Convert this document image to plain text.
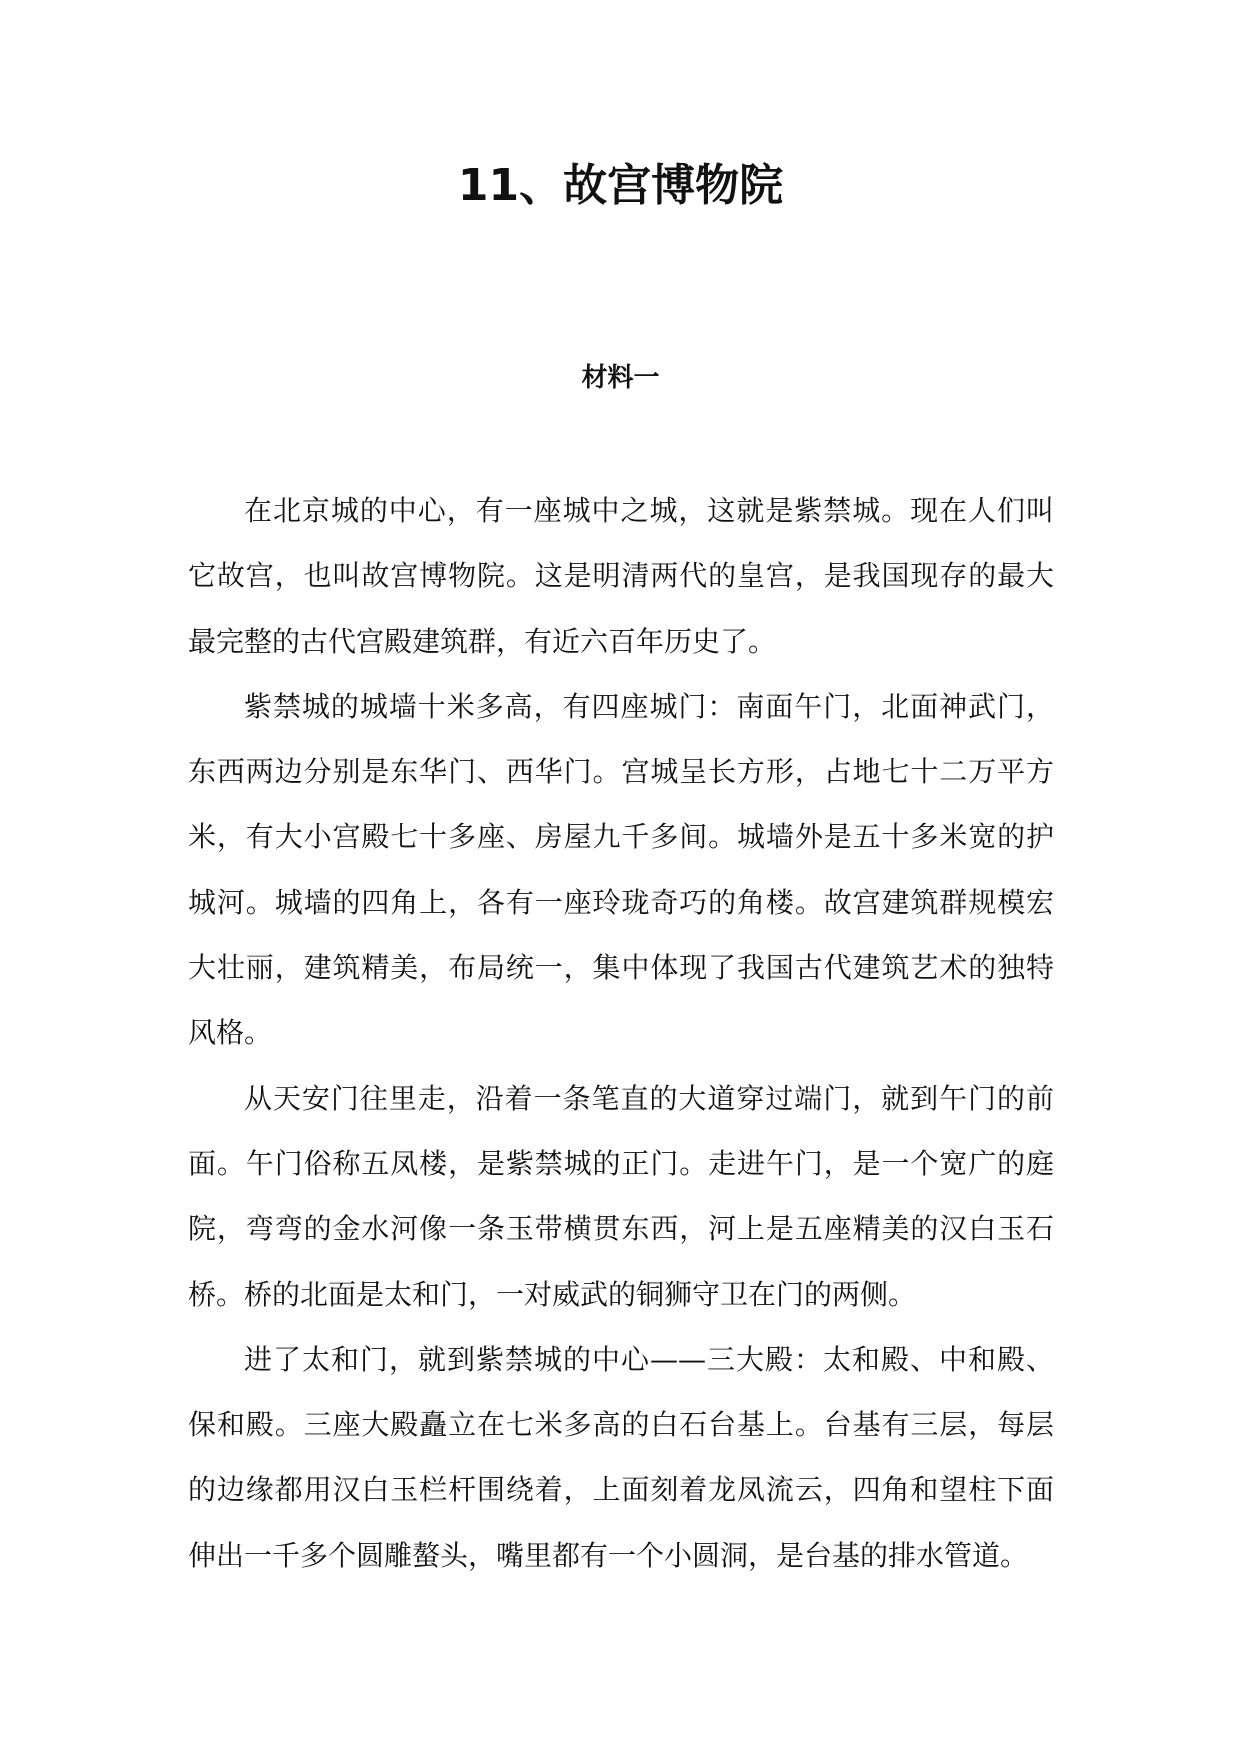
11、故宫博物院
材料一

在北京城的中心，有一座城中之城，这就是紫禁城。现在人们叫它故宫，也叫故宫博物院。这是明清两代的皇宫，是我国现存的最大最完整的古代宫殿建筑群，有近六百年历史了。

紫禁城的城墙十米多高，有四座城门：南面午门，北面神武门，东西两边分别是东华门、西华门。宫城呈长方形，占地七十二万平方米，有大小宫殿七十多座、房屋九千多间。城墙外是五十多米宽的护城河。城墙的四角上，各有一座玲珑奇巧的角楼。故宫建筑群规模宏大壮丽，建筑精美，布局统一，集中体现了我国古代建筑艺术的独特风格。

从天安门往里走，沿着一条笔直的大道穿过端门，就到午门的前面。午门俗称五凤楼，是紫禁城的正门。走进午门，是一个宽广的庭院，弯弯的金水河像一条玉带横贯东西，河上是五座精美的汉白玉石桥。桥的北面是太和门，一对威武的铜狮守卫在门的两侧。

进了太和门，就到紫禁城的中心——三大殿：太和殿、中和殿、保和殿。三座大殿矗立在七米多高的白石台基上。台基有三层，每层的边缘都用汉白玉栏杆围绕着，上面刻着龙凤流云，四角和望柱下面伸出一千多个圆雕螯头，嘴里都有一个小圆洞，是台基的排水管道。
